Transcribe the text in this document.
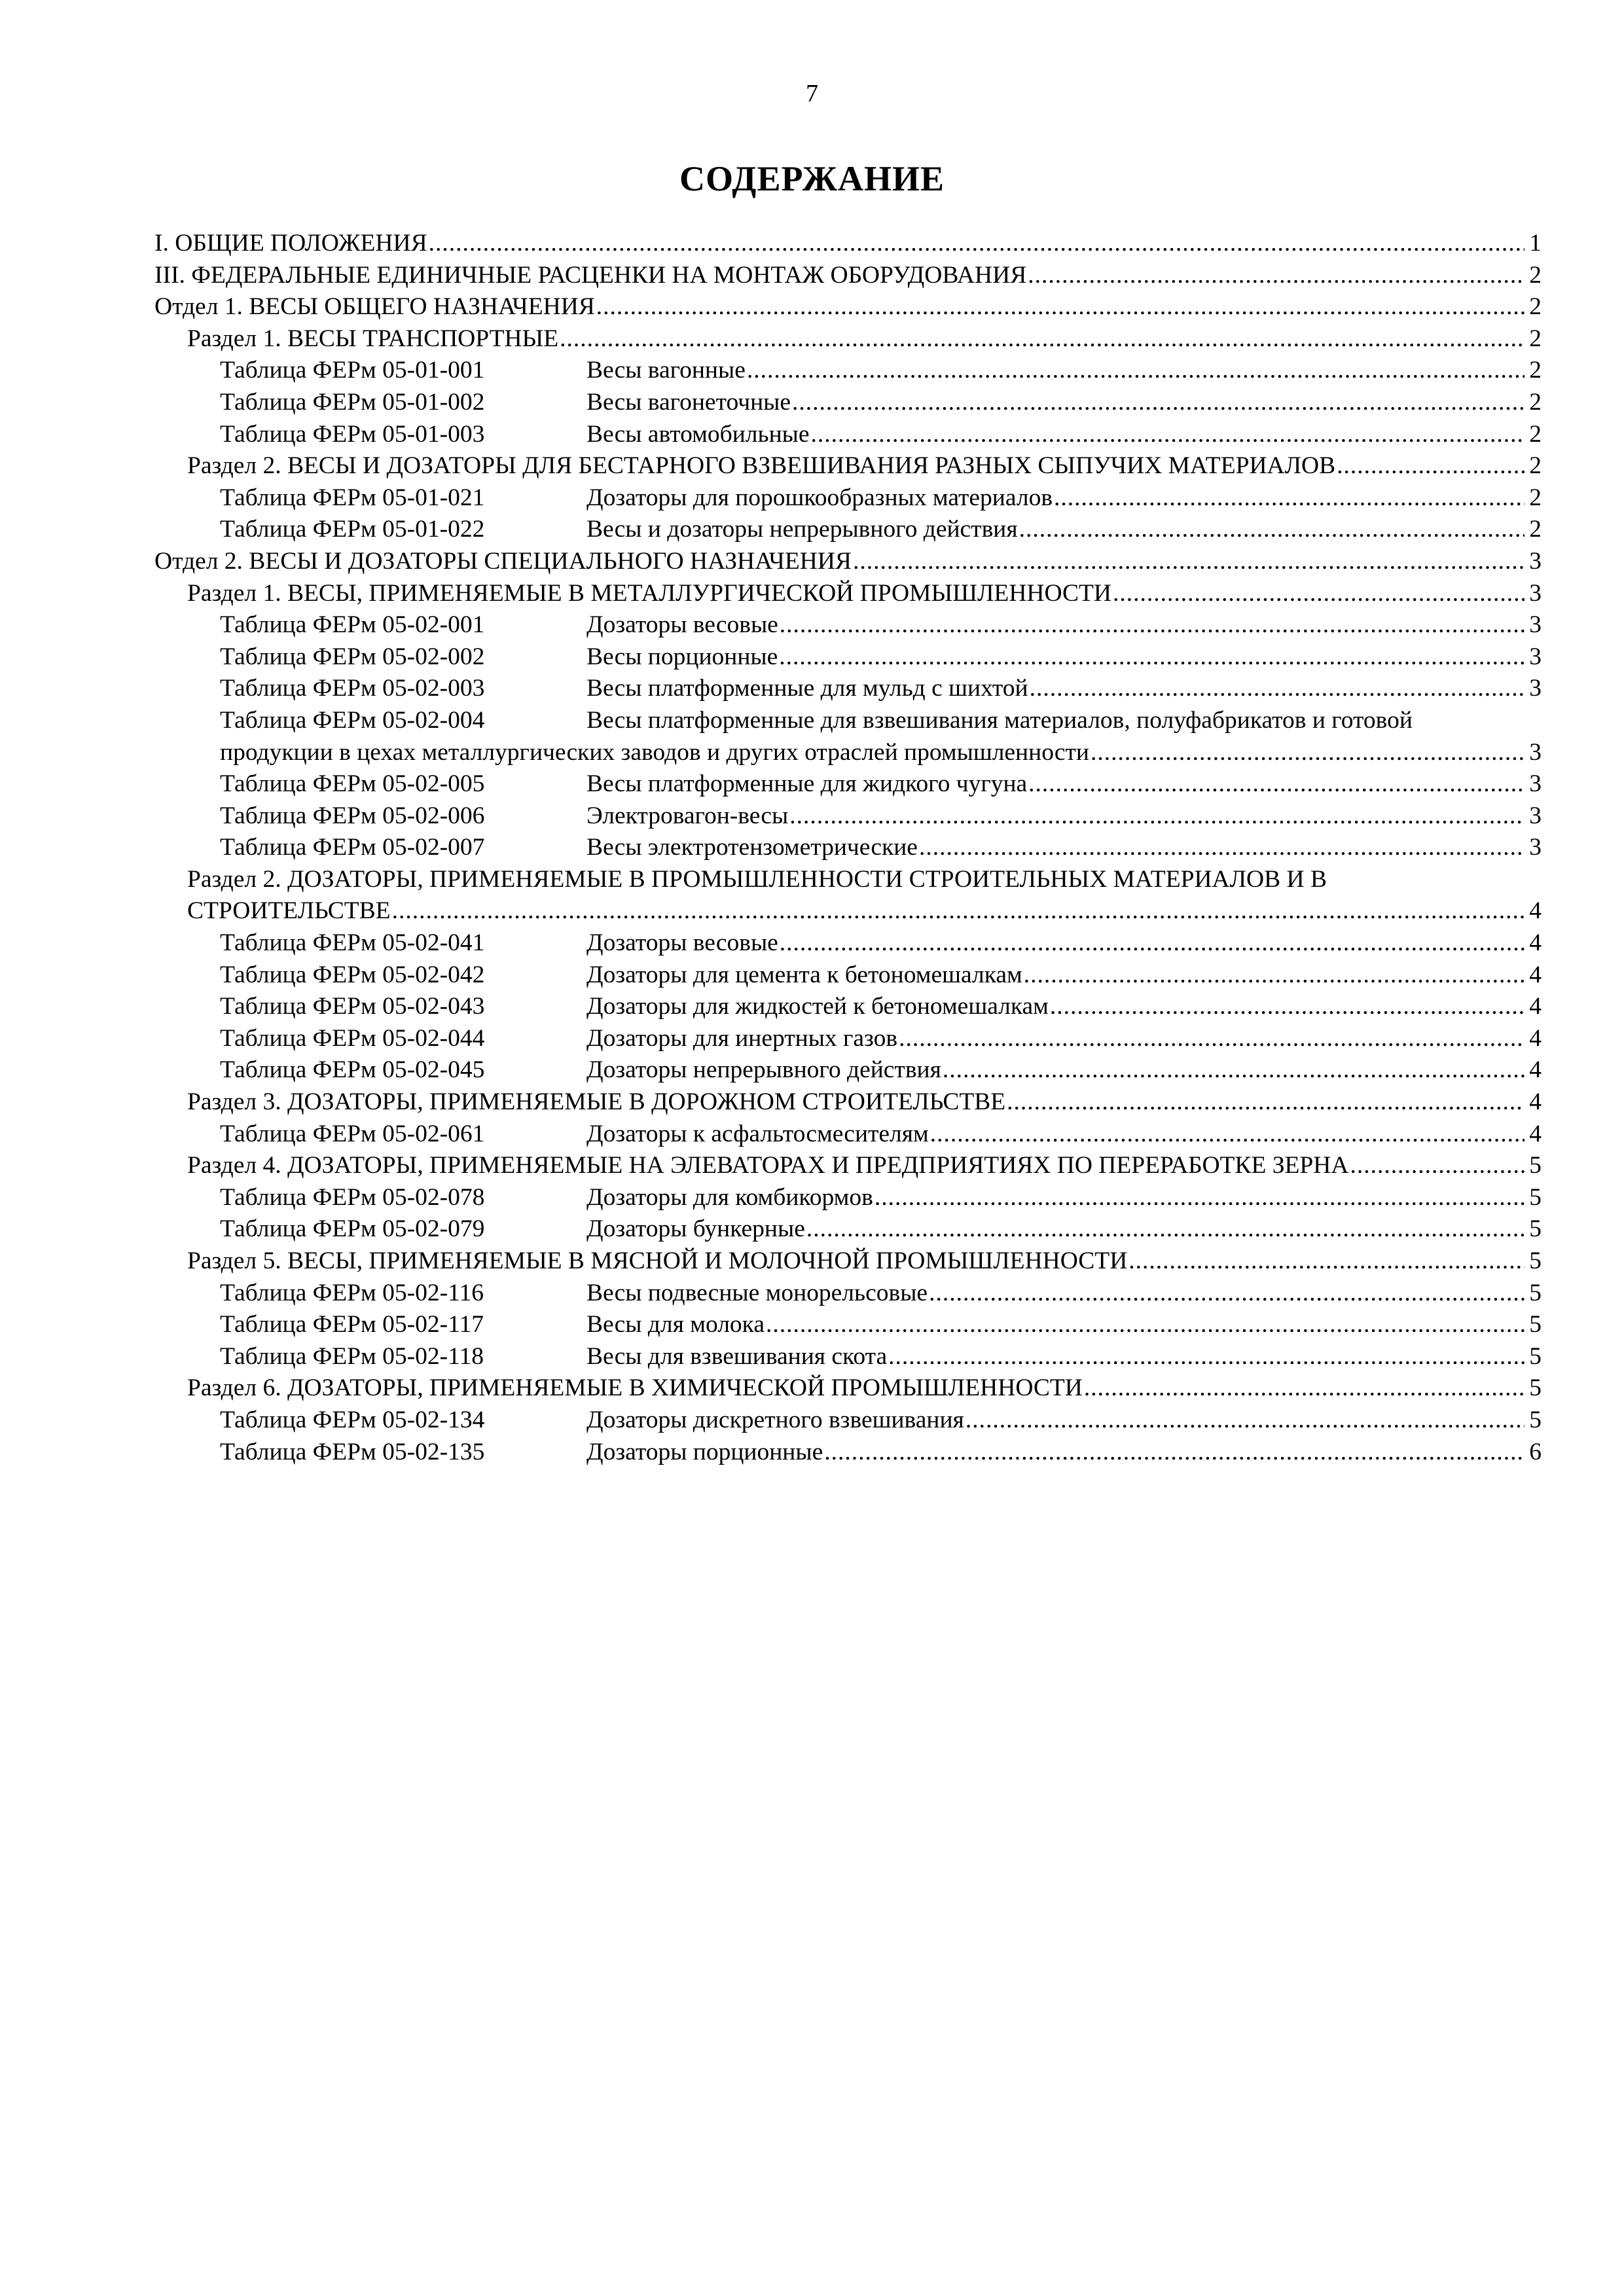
7
СОДЕРЖАНИЕ
I. ОБЩИЕ ПОЛОЖЕНИЯ .....	1
III. ФЕДЕРАЛЬНЫЕ ЕДИНИЧНЫЕ РАСЦЕНКИ НА МОНТАЖ ОБОРУДОВАНИЯ .....	2
Отдел 1. ВЕСЫ ОБЩЕГО НАЗНАЧЕНИЯ .....	2
Раздел 1. ВЕСЫ ТРАНСПОРТНЫЕ .....	2
Таблица ФЕРм 05-01-001	Весы вагонные .....	2
Таблица ФЕРм 05-01-002	Весы вагонеточные .....	2
Таблица ФЕРм 05-01-003	Весы автомобильные .....	2
Раздел 2. ВЕСЫ И ДОЗАТОРЫ ДЛЯ БЕСТАРНОГО ВЗВЕШИВАНИЯ РАЗНЫХ СЫПУЧИХ МАТЕРИАЛОВ .....	2
Таблица ФЕРм 05-01-021	Дозаторы для порошкообразных материалов .....	2
Таблица ФЕРм 05-01-022	Весы и дозаторы непрерывного действия .....	2
Отдел 2. ВЕСЫ И ДОЗАТОРЫ СПЕЦИАЛЬНОГО НАЗНАЧЕНИЯ .....	3
Раздел 1. ВЕСЫ, ПРИМЕНЯЕМЫЕ В МЕТАЛЛУРГИЧЕСКОЙ ПРОМЫШЛЕННОСТИ .....	3
Таблица ФЕРм 05-02-001	Дозаторы весовые .....	3
Таблица ФЕРм 05-02-002	Весы порционные .....	3
Таблица ФЕРм 05-02-003	Весы платформенные для мульд с шихтой .....	3
Таблица ФЕРм 05-02-004	Весы платформенные для взвешивания материалов, полуфабрикатов и готовой
продукции в цехах металлургических заводов и других отраслей промышленности .....	3
Таблица ФЕРм 05-02-005	Весы платформенные для жидкого чугуна .....	3
Таблица ФЕРм 05-02-006	Электровагон-весы .....	3
Таблица ФЕРм 05-02-007	Весы электротензометрические .....	3
Раздел 2. ДОЗАТОРЫ, ПРИМЕНЯЕМЫЕ В ПРОМЫШЛЕННОСТИ СТРОИТЕЛЬНЫХ МАТЕРИАЛОВ И В
СТРОИТЕЛЬСТВЕ .....	4
Таблица ФЕРм 05-02-041	Дозаторы весовые .....	4
Таблица ФЕРм 05-02-042	Дозаторы для цемента к бетономешалкам .....	4
Таблица ФЕРм 05-02-043	Дозаторы для жидкостей к бетономешалкам .....	4
Таблица ФЕРм 05-02-044	Дозаторы для инертных газов .....	4
Таблица ФЕРм 05-02-045	Дозаторы непрерывного действия .....	4
Раздел 3. ДОЗАТОРЫ, ПРИМЕНЯЕМЫЕ В ДОРОЖНОМ СТРОИТЕЛЬСТВЕ .....	4
Таблица ФЕРм 05-02-061	Дозаторы к асфальтосмесителям .....	4
Раздел 4. ДОЗАТОРЫ, ПРИМЕНЯЕМЫЕ НА ЭЛЕВАТОРАХ И ПРЕДПРИЯТИЯХ ПО ПЕРЕРАБОТКЕ ЗЕРНА .....	5
Таблица ФЕРм 05-02-078	Дозаторы для комбикормов .....	5
Таблица ФЕРм 05-02-079	Дозаторы бункерные .....	5
Раздел 5. ВЕСЫ, ПРИМЕНЯЕМЫЕ В МЯСНОЙ И МОЛОЧНОЙ ПРОМЫШЛЕННОСТИ .....	5
Таблица ФЕРм 05-02-116	Весы подвесные монорельсовые .....	5
Таблица ФЕРм 05-02-117	Весы для молока .....	5
Таблица ФЕРм 05-02-118	Весы для взвешивания скота .....	5
Раздел 6. ДОЗАТОРЫ, ПРИМЕНЯЕМЫЕ В ХИМИЧЕСКОЙ ПРОМЫШЛЕННОСТИ .....	5
Таблица ФЕРм 05-02-134	Дозаторы дискретного взвешивания .....	5
Таблица ФЕРм 05-02-135	Дозаторы порционные .....	6
